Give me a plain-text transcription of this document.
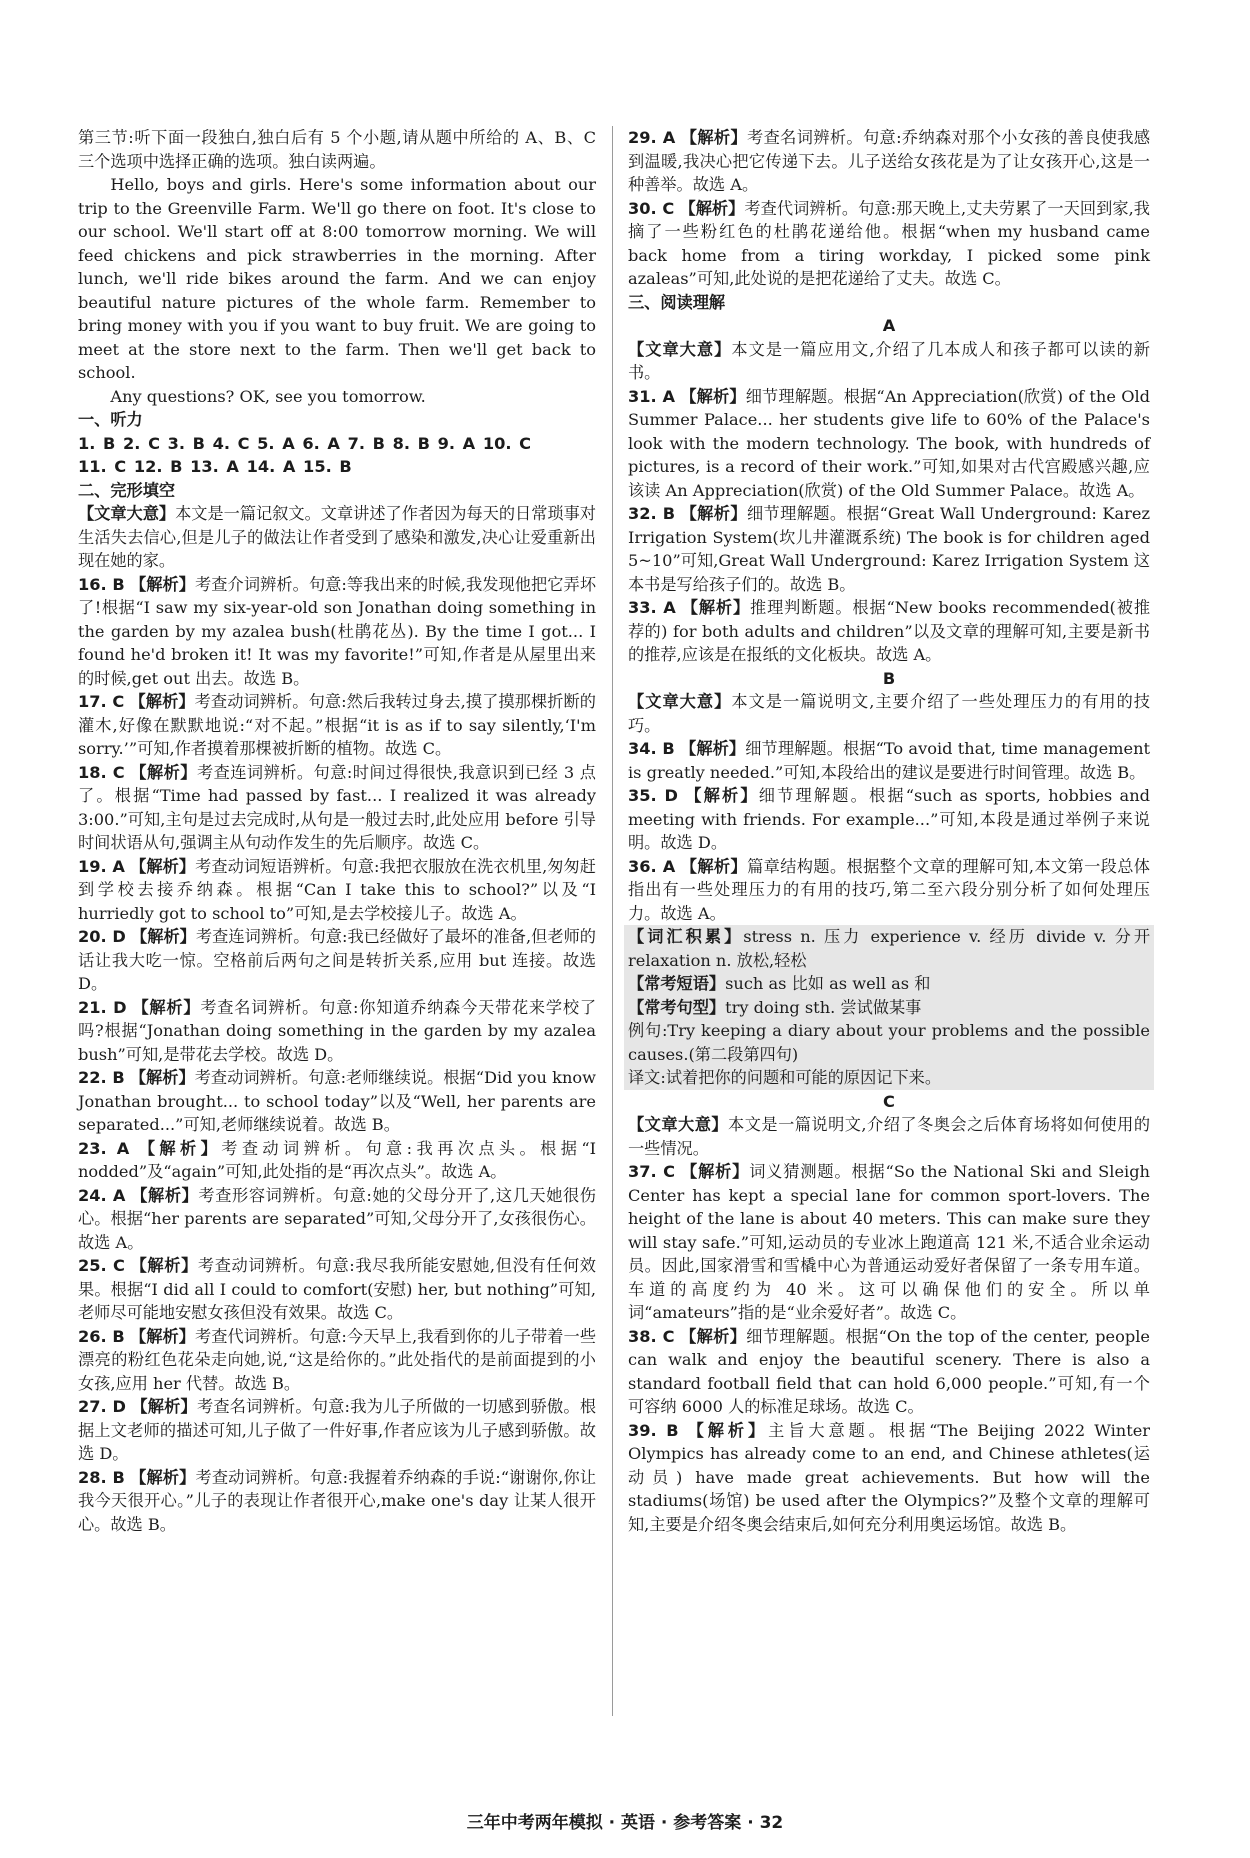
第三节:听下面一段独白,独白后有 5 个小题,请从题中所给的 A、B、C 三个选项中选择正确的选项。独白读两遍。

Hello, boys and girls. Here's some information about our trip to the Greenville Farm. We'll go there on foot. It's close to our school. We'll start off at 8:00 tomorrow morning. We will feed chickens and pick strawberries in the morning. After lunch, we'll ride bikes around the farm. And we can enjoy beautiful nature pictures of the whole farm. Remember to bring money with you if you want to buy fruit. We are going to meet at the store next to the farm. Then we'll get back to school.

Any questions? OK, see you tomorrow.

一、听力

1. B 2. C 3. B 4. C 5. A 6. A 7. B 8. B 9. A 10. C

11. C 12. B 13. A 14. A 15. B

二、完形填空

【文章大意】本文是一篇记叙文。文章讲述了作者因为每天的日常琐事对生活失去信心,但是儿子的做法让作者受到了感染和激发,决心让爱重新出现在她的家。

16. B 【解析】考查介词辨析。句意:等我出来的时候,我发现他把它弄坏了!根据“I saw my six-year-old son Jonathan doing something in the garden by my azalea bush(杜鹃花丛). By the time I got... I found he'd broken it! It was my favorite!”可知,作者是从屋里出来的时候,get out 出去。故选 B。

17. C 【解析】考查动词辨析。句意:然后我转过身去,摸了摸那棵折断的灌木,好像在默默地说:“对不起。”根据“it is as if to say silently,‘I'm sorry.’”可知,作者摸着那棵被折断的植物。故选 C。

18. C 【解析】考查连词辨析。句意:时间过得很快,我意识到已经 3 点了。根据“Time had passed by fast... I realized it was already 3:00.”可知,主句是过去完成时,从句是一般过去时,此处应用 before 引导时间状语从句,强调主从句动作发生的先后顺序。故选 C。

19. A 【解析】考查动词短语辨析。句意:我把衣服放在洗衣机里,匆匆赶到学校去接乔纳森。根据“Can I take this to school?”以及“I hurriedly got to school to”可知,是去学校接儿子。故选 A。

20. D 【解析】考查连词辨析。句意:我已经做好了最坏的准备,但老师的话让我大吃一惊。空格前后两句之间是转折关系,应用 but 连接。故选 D。

21. D 【解析】考查名词辨析。句意:你知道乔纳森今天带花来学校了吗?根据“Jonathan doing something in the garden by my azalea bush”可知,是带花去学校。故选 D。

22. B 【解析】考查动词辨析。句意:老师继续说。根据“Did you know Jonathan brought... to school today”以及“Well, her parents are separated...”可知,老师继续说着。故选 B。

23. A 【解析】考查动词辨析。句意:我再次点头。根据“I nodded”及“again”可知,此处指的是“再次点头”。故选 A。

24. A 【解析】考查形容词辨析。句意:她的父母分开了,这几天她很伤心。根据“her parents are separated”可知,父母分开了,女孩很伤心。故选 A。

25. C 【解析】考查动词辨析。句意:我尽我所能安慰她,但没有任何效果。根据“I did all I could to comfort(安慰) her, but nothing”可知,老师尽可能地安慰女孩但没有效果。故选 C。

26. B 【解析】考查代词辨析。句意:今天早上,我看到你的儿子带着一些漂亮的粉红色花朵走向她,说,“这是给你的。”此处指代的是前面提到的小女孩,应用 her 代替。故选 B。

27. D 【解析】考查名词辨析。句意:我为儿子所做的一切感到骄傲。根据上文老师的描述可知,儿子做了一件好事,作者应该为儿子感到骄傲。故选 D。

28. B 【解析】考查动词辨析。句意:我握着乔纳森的手说:“谢谢你,你让我今天很开心。”儿子的表现让作者很开心,make one's day 让某人很开心。故选 B。

29. A 【解析】考查名词辨析。句意:乔纳森对那个小女孩的善良使我感到温暖,我决心把它传递下去。儿子送给女孩花是为了让女孩开心,这是一种善举。故选 A。

30. C 【解析】考查代词辨析。句意:那天晚上,丈夫劳累了一天回到家,我摘了一些粉红色的杜鹃花递给他。根据“when my husband came back home from a tiring workday, I picked some pink azaleas”可知,此处说的是把花递给了丈夫。故选 C。

三、阅读理解

A

【文章大意】本文是一篇应用文,介绍了几本成人和孩子都可以读的新书。

31. A 【解析】细节理解题。根据“An Appreciation(欣赏) of the Old Summer Palace... her students give life to 60% of the Palace's look with the modern technology. The book, with hundreds of pictures, is a record of their work.”可知,如果对古代宫殿感兴趣,应该读 An Appreciation(欣赏) of the Old Summer Palace。故选 A。

32. B 【解析】细节理解题。根据“Great Wall Underground: Karez Irrigation System(坎儿井灌溉系统) The book is for children aged 5~10”可知,Great Wall Underground: Karez Irrigation System 这本书是写给孩子们的。故选 B。

33. A 【解析】推理判断题。根据“New books recommended(被推荐的) for both adults and children”以及文章的理解可知,主要是新书的推荐,应该是在报纸的文化板块。故选 A。

B

【文章大意】本文是一篇说明文,主要介绍了一些处理压力的有用的技巧。

34. B 【解析】细节理解题。根据“To avoid that, time management is greatly needed.”可知,本段给出的建议是要进行时间管理。故选 B。

35. D 【解析】细节理解题。根据“such as sports, hobbies and meeting with friends. For example...”可知,本段是通过举例子来说明。故选 D。

36. A 【解析】篇章结构题。根据整个文章的理解可知,本文第一段总体指出有一些处理压力的有用的技巧,第二至六段分别分析了如何处理压力。故选 A。

【词汇积累】stress n. 压力 experience v. 经历 divide v. 分开 relaxation n. 放松,轻松

【常考短语】such as 比如 as well as 和

【常考句型】try doing sth. 尝试做某事

例句:Try keeping a diary about your problems and the possible causes.(第二段第四句)

译文:试着把你的问题和可能的原因记下来。

C

【文章大意】本文是一篇说明文,介绍了冬奥会之后体育场将如何使用的一些情况。

37. C 【解析】词义猜测题。根据“So the National Ski and Sleigh Center has kept a special lane for common sport-lovers. The height of the lane is about 40 meters. This can make sure they will stay safe.”可知,运动员的专业冰上跑道高 121 米,不适合业余运动员。因此,国家滑雪和雪橇中心为普通运动爱好者保留了一条专用车道。车道的高度约为 40 米。这可以确保他们的安全。所以单词“amateurs”指的是“业余爱好者”。故选 C。

38. C 【解析】细节理解题。根据“On the top of the center, people can walk and enjoy the beautiful scenery. There is also a standard football field that can hold 6,000 people.”可知,有一个可容纳 6000 人的标准足球场。故选 C。

39. B 【解析】主旨大意题。根据“The Beijing 2022 Winter Olympics has already come to an end, and Chinese athletes(运动员) have made great achievements. But how will the stadiums(场馆) be used after the Olympics?”及整个文章的理解可知,主要是介绍冬奥会结束后,如何充分利用奥运场馆。故选 B。

三年中考两年模拟 · 英语 · 参考答案 · 32
